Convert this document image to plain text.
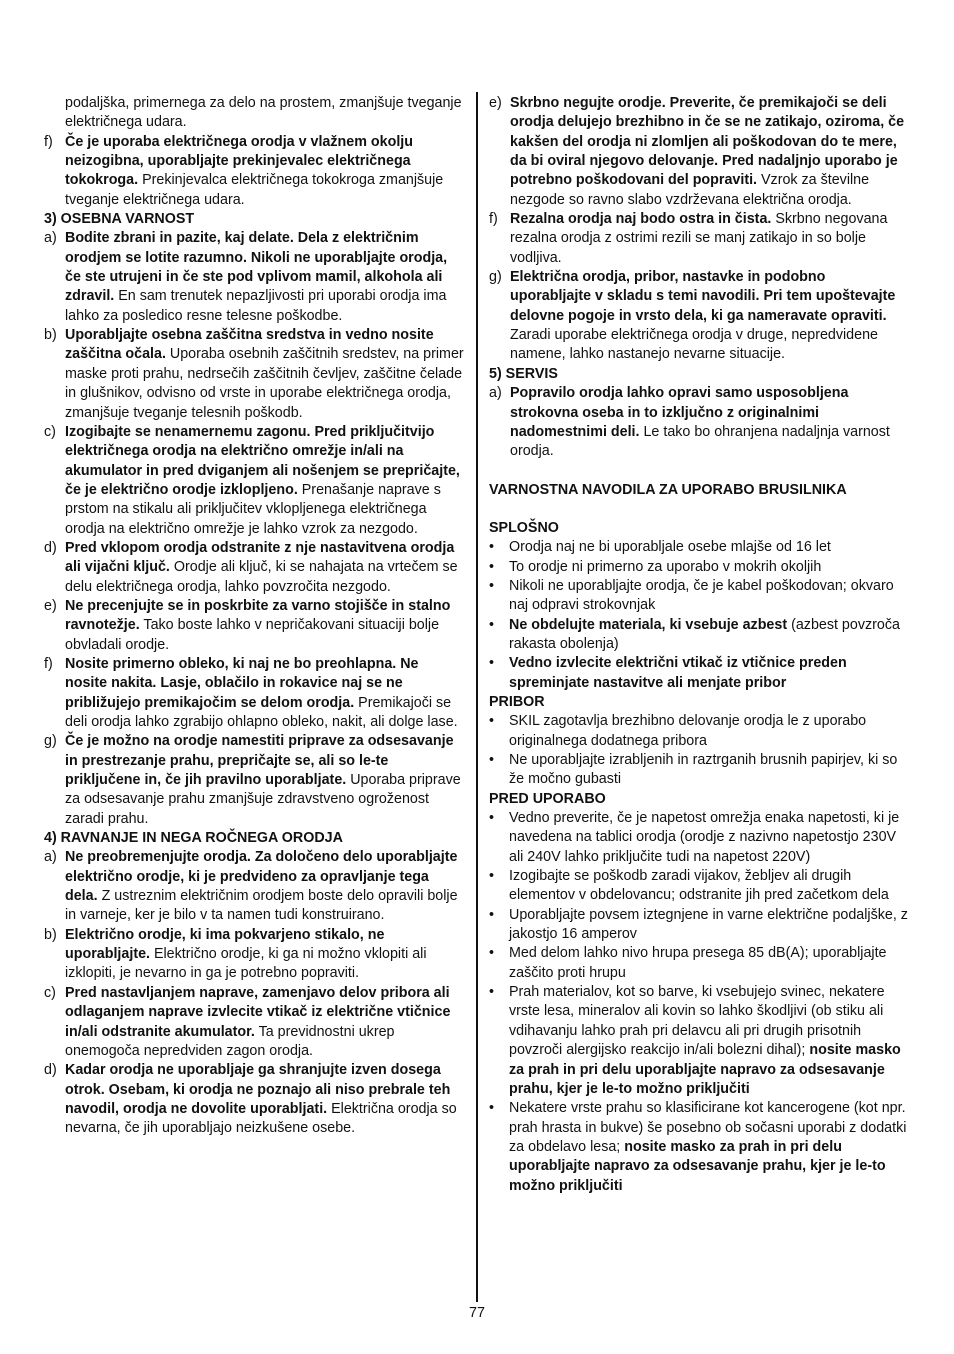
podaljška, primernega za delo na prostem, zmanjšuje tveganje električnega udara.
f) Če je uporaba električnega orodja v vlažnem okolju neizogibna, uporabljajte prekinjevalec električnega tokokroga. Prekinjevalca električnega tokokroga zmanjšuje tveganje električnega udara.
3) OSEBNA VARNOST
a) Bodite zbrani in pazite, kaj delate. Dela z električnim orodjem se lotite razumno. Nikoli ne uporabljajte orodja, če ste utrujeni in če ste pod vplivom mamil, alkohola ali zdravil. En sam trenutek nepazljivosti pri uporabi orodja ima lahko za posledico resne telesne poškodbe.
b) Uporabljajte osebna zaščitna sredstva in vedno nosite zaščitna očala. Uporaba osebnih zaščitnih sredstev, na primer maske proti prahu, nedrsečih zaščitnih čevljev, zaščitne čelade in glušnikov, odvisno od vrste in uporabe električnega orodja, zmanjšuje tveganje telesnih poškodb.
c) Izogibajte se nenamernemu zagonu. Pred priključitvijo električnega orodja na električno omrežje in/ali na akumulator in pred dviganjem ali nošenjem se prepričajte, če je električno orodje izklopljeno. Prenašanje naprave s prstom na stikalu ali priključitev vklopljenega električnega orodja na električno omrežje je lahko vzrok za nezgodo.
d) Pred vklopom orodja odstranite z nje nastavitvena orodja ali vijačni ključ. Orodje ali ključ, ki se nahajata na vrtečem se delu električnega orodja, lahko povzročita nezgodo.
e) Ne precenjujte se in poskrbite za varno stojišče in stalno ravnotežje. Tako boste lahko v nepričakovani situaciji bolje obvladali orodje.
f) Nosite primerno obleko, ki naj ne bo preohlapna. Ne nosite nakita. Lasje, oblačilo in rokavice naj se ne približujejo premikajočim se delom orodja. Premikajoči se deli orodja lahko zgrabijo ohlapno obleko, nakit, ali dolge lase.
g) Če je možno na orodje namestiti priprave za odsesavanje in prestrezanje prahu, prepričajte se, ali so le-te priključene in, če jih pravilno uporabljate. Uporaba priprave za odsesavanje prahu zmanjšuje zdravstveno ogroženost zaradi prahu.
4) RAVNANJE IN NEGA ROČNEGA ORODJA
a) Ne preobremenjujte orodja. Za določeno delo uporabljajte električno orodje, ki je predvideno za opravljanje tega dela. Z ustreznim električnim orodjem boste delo opravili bolje in varneje, ker je bilo v ta namen tudi konstruirano.
b) Električno orodje, ki ima pokvarjeno stikalo, ne uporabljajte. Električno orodje, ki ga ni možno vklopiti ali izklopiti, je nevarno in ga je potrebno popraviti.
c) Pred nastavljanjem naprave, zamenjavo delov pribora ali odlaganjem naprave izvlecite vtikač iz električne vtičnice in/ali odstranite akumulator. Ta previdnostni ukrep onemogoča nepredviden zagon orodja.
d) Kadar orodja ne uporabljaje ga shranjujte izven dosega otrok. Osebam, ki orodja ne poznajo ali niso prebrale teh navodil, orodja ne dovolite uporabljati. Električna orodja so nevarna, če jih uporabljajo neizkušene osebe.
e) Skrbno negujte orodje. Preverite, če premikajoči se deli orodja delujejo brezhibno in če se ne zatikajo, oziroma, če kakšen del orodja ni zlomljen ali poškodovan do te mere, da bi oviral njegovo delovanje. Pred nadaljnjo uporabo je potrebno poškodovani del popraviti. Vzrok za številne nezgode so ravno slabo vzdrževana električna orodja.
f) Rezalna orodja naj bodo ostra in čista. Skrbno negovana rezalna orodja z ostrimi rezili se manj zatikajo in so bolje vodljiva.
g) Električna orodja, pribor, nastavke in podobno uporabljajte v skladu s temi navodili. Pri tem upoštevajte delovne pogoje in vrsto dela, ki ga nameravate opraviti. Zaradi uporabe električnega orodja v druge, nepredvidene namene, lahko nastanejo nevarne situacije.
5) SERVIS
a) Popravilo orodja lahko opravi samo usposobljena strokovna oseba in to izključno z originalnimi nadomestnimi deli. Le tako bo ohranjena nadaljnja varnost orodja.
VARNOSTNA NAVODILA ZA UPORABO BRUSILNIKA
SPLOŠNO
•	Orodja naj ne bi uporabljale osebe mlajše od 16 let
•	To orodje ni primerno za uporabo v mokrih okoljih
•	Nikoli ne uporabljajte orodja, če je kabel poškodovan; okvaro naj odpravi strokovnjak
•	Ne obdelujte materiala, ki vsebuje azbest (azbest povzroča rakasta obolenja)
•	Vedno izvlecite električni vtikač iz vtičnice preden spreminjate nastavitve ali menjate pribor
PRIBOR
•	SKIL zagotavlja brezhibno delovanje orodja le z uporabo originalnega dodatnega pribora
•	Ne uporabljajte izrabljenih in raztrganih brusnih papirjev, ki so že močno gubasti
PRED UPORABO
•	Vedno preverite, če je napetost omrežja enaka napetosti, ki je navedena na tablici orodja (orodje z nazivno napetostjo 230V ali 240V lahko priključite tudi na napetost 220V)
•	Izogibajte se poškodb zaradi vijakov, žebljev ali drugih elementov v obdelovancu; odstranite jih pred začetkom dela
•	Uporabljajte povsem iztegnjene in varne električne podaljške, z jakostjo 16 amperov
•	Med delom lahko nivo hrupa presega 85 dB(A); uporabljajte zaščito proti hrupu
•	Prah materialov, kot so barve, ki vsebujejo svinec, nekatere vrste lesa, mineralov ali kovin so lahko škodljivi (ob stiku ali vdihavanju lahko prah pri delavcu ali pri drugih prisotnih povzroči alergijsko reakcijo in/ali bolezni dihal); nosite masko za prah in pri delu uporabljajte napravo za odsesavanje prahu, kjer je le-to možno priključiti
•	Nekatere vrste prahu so klasificirane kot kancerogene (kot npr. prah hrasta in bukve) še posebno ob sočasni uporabi z dodatki za obdelavo lesa; nosite masko za prah in pri delu uporabljajte napravo za odsesavanje prahu, kjer je le-to možno priključiti
77
